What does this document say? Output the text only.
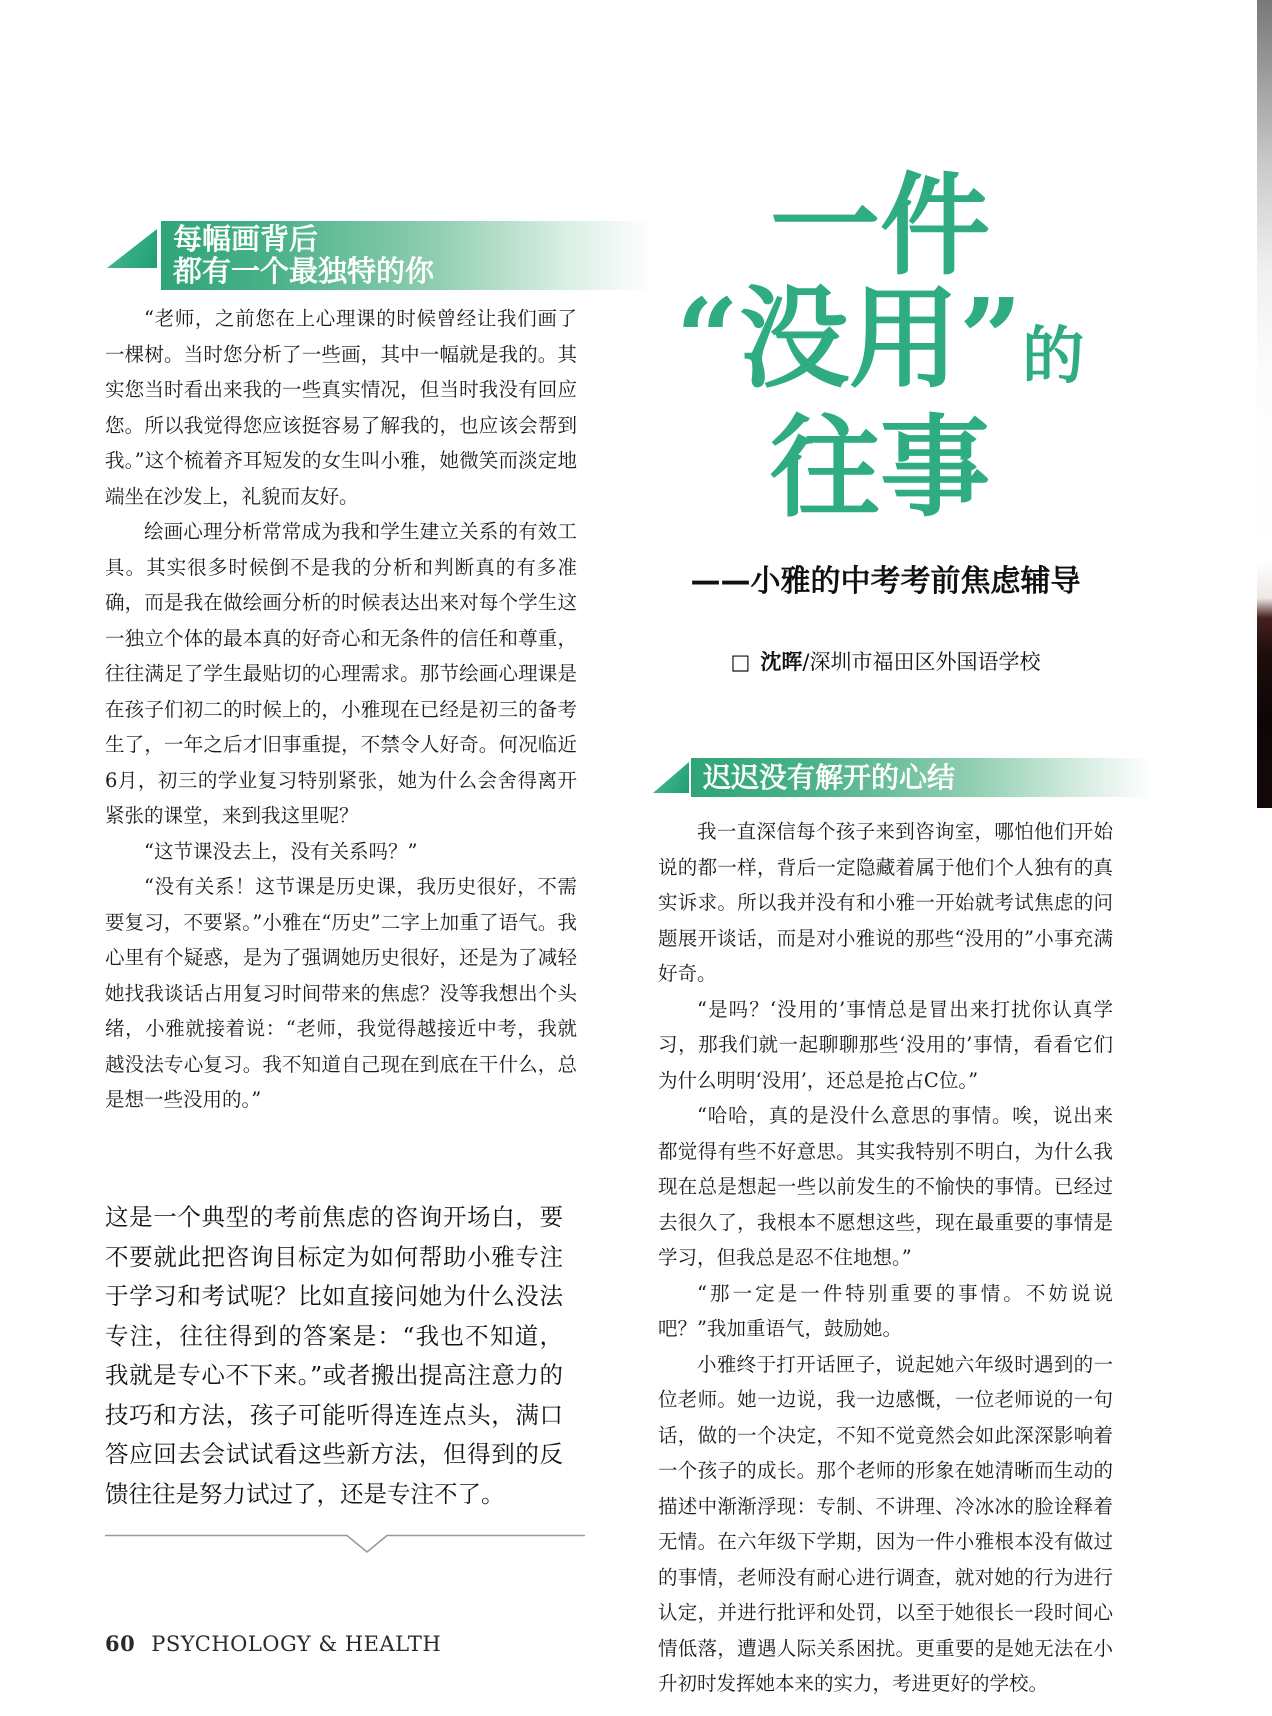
每幅画背后
都有一个最独特的你

“老师，之前您在上心理课的时候曾经让我们画了一棵树。当时您分析了一些画，其中一幅就是我的。其实您当时看出来我的一些真实情况，但当时我没有回应您。所以我觉得您应该挺容易了解我的，也应该会帮到我。”这个梳着齐耳短发的女生叫小雅，她微笑而淡定地端坐在沙发上，礼貌而友好。

绘画心理分析常常成为我和学生建立关系的有效工具。其实很多时候倒不是我的分析和判断真的有多准确，而是我在做绘画分析的时候表达出来对每个学生这一独立个体的最本真的好奇心和无条件的信任和尊重，往往满足了学生最贴切的心理需求。那节绘画心理课是在孩子们初二的时候上的，小雅现在已经是初三的备考生了，一年之后才旧事重提，不禁令人好奇。何况临近6月，初三的学业复习特别紧张，她为什么会舍得离开紧张的课堂，来到我这里呢？

“这节课没去上，没有关系吗？”

“没有关系！这节课是历史课，我历史很好，不需要复习，不要紧。”小雅在“历史”二字上加重了语气。我心里有个疑惑，是为了强调她历史很好，还是为了减轻她找我谈话占用复习时间带来的焦虑？没等我想出个头绪，小雅就接着说：“老师，我觉得越接近中考，我就越没法专心复习。我不知道自己现在到底在干什么，总是想一些没用的。”

这是一个典型的考前焦虑的咨询开场白，要不要就此把咨询目标定为如何帮助小雅专注于学习和考试呢？比如直接问她为什么没法专注，往往得到的答案是：“我也不知道，我就是专心不下来。”或者搬出提高注意力的技巧和方法，孩子可能听得连连点头，满口答应回去会试试看这些新方法，但得到的反馈往往是努力试过了，还是专注不了。
60 PSYCHOLOGY & HEALTH
一件
“没用”的
往事
——小雅的中考考前焦虑辅导
□ 沈晖/深圳市福田区外国语学校
迟迟没有解开的心结

我一直深信每个孩子来到咨询室，哪怕他们开始说的都一样，背后一定隐藏着属于他们个人独有的真实诉求。所以我并没有和小雅一开始就考试焦虑的问题展开谈话，而是对小雅说的那些“没用的”小事充满好奇。

“是吗？‘没用的’事情总是冒出来打扰你认真学习，那我们就一起聊聊那些‘没用的’事情，看看它们为什么明明‘没用’，还总是抢占C位。”

“哈哈，真的是没什么意思的事情。唉，说出来都觉得有些不好意思。其实我特别不明白，为什么我现在总是想起一些以前发生的不愉快的事情。已经过去很久了，我根本不愿想这些，现在最重要的事情是学习，但我总是忍不住地想。”

“那一定是一件特别重要的事情。不妨说说吧？”我加重语气，鼓励她。

小雅终于打开话匣子，说起她六年级时遇到的一位老师。她一边说，我一边感慨，一位老师说的一句话，做的一个决定，不知不觉竟然会如此深深影响着一个孩子的成长。那个老师的形象在她清晰而生动的描述中渐渐浮现：专制、不讲理、冷冰冰的脸诠释着无情。在六年级下学期，因为一件小雅根本没有做过的事情，老师没有耐心进行调查，就对她的行为进行认定，并进行批评和处罚，以至于她很长一段时间心情低落，遭遇人际关系困扰。更重要的是她无法在小升初时发挥她本来的实力，考进更好的学校。
